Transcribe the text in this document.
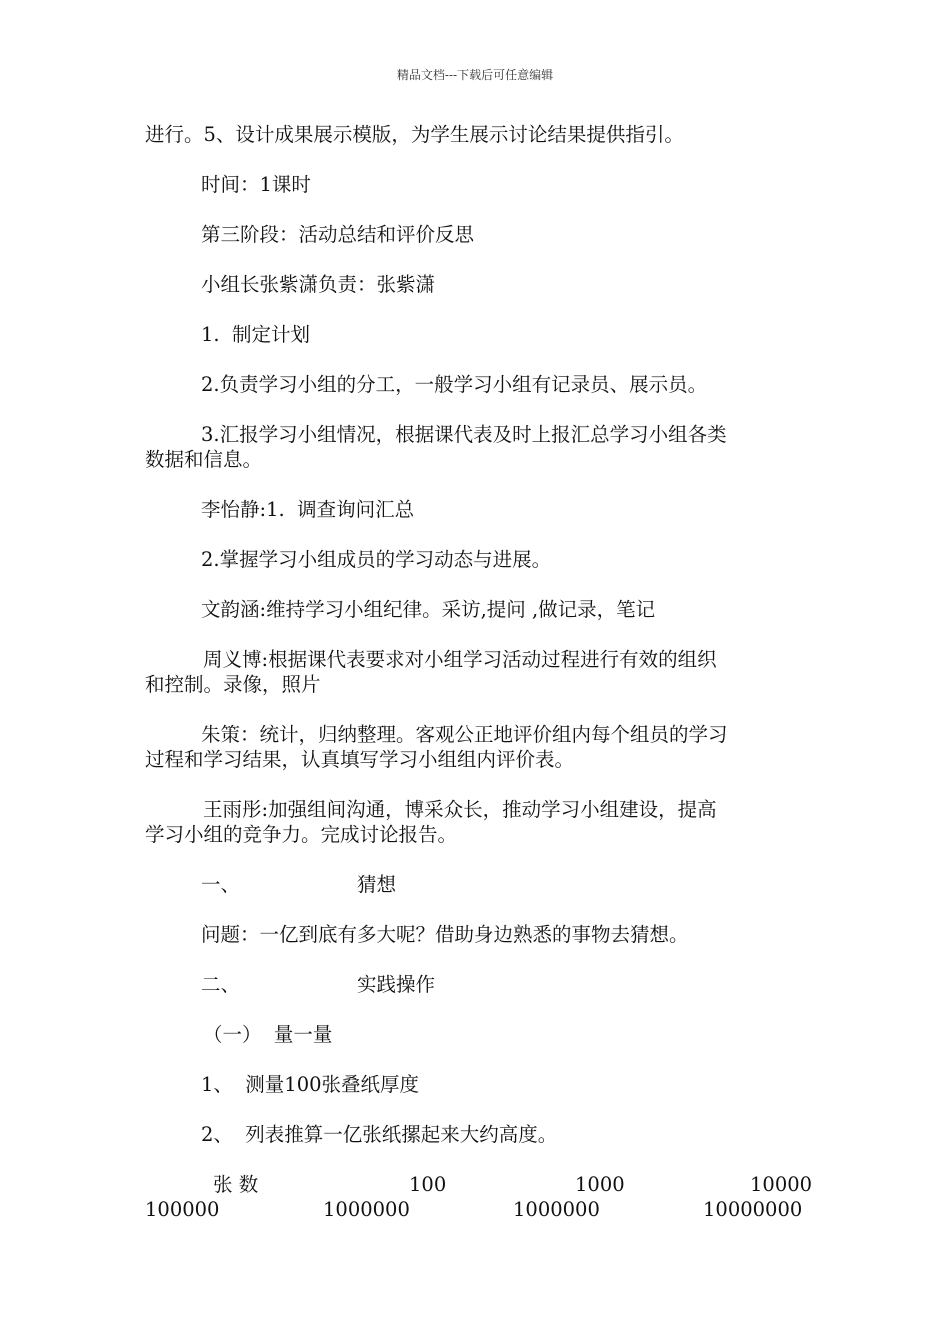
精品文档---下载后可任意编辑

进行。5、设计成果展示模版，为学生展示讨论结果提供指引。

时间：1课时

第三阶段：活动总结和评价反思

小组长张紫潇负责：张紫潇

1.  制定计划

2.负责学习小组的分工，一般学习小组有记录员、展示员。

3.汇报学习小组情况，根据课代表及时上报汇总学习小组各类

数据和信息。

李怡静:1.  调查询问汇总

2.掌握学习小组成员的学习动态与进展。

文韵涵:维持学习小组纪律。采访,提问 ,做记录，笔记

周义博:根据课代表要求对小组学习活动过程进行有效的组织

和控制。录像，照片

朱策：统计，归纳整理。客观公正地评价组内每个组员的学习

过程和学习结果，认真填写学习小组组内评价表。

王雨彤:加强组间沟通，博采众长，推动学习小组建设，提高

学习小组的竞争力。完成讨论报告。

一、	猜想

问题：一亿到底有多大呢？借助身边熟悉的事物去猜想。

二、	实践操作

（一）  量一量

1、  测量100张叠纸厚度

2、  列表推算一亿张纸摞起来大约高度。

张 数	100	1000	10000
100000	1000000	1000000	10000000
